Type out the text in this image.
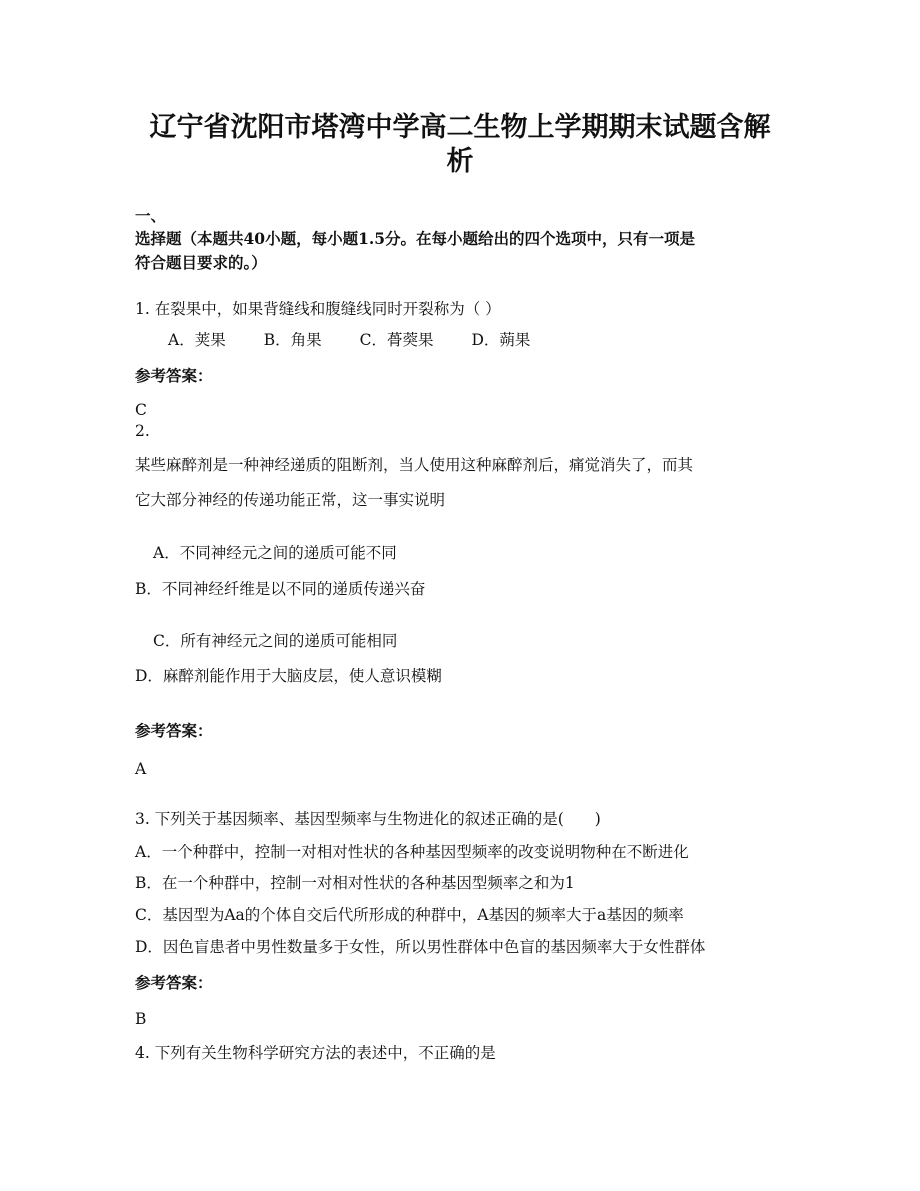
辽宁省沈阳市塔湾中学高二生物上学期期末试题含解
析
一、
选择题（本题共40小题，每小题1.5分。在每小题给出的四个选项中，只有一项是
符合题目要求的。）
1. 在裂果中，如果背缝线和腹缝线同时开裂称为（ ）
A．荚果 B．角果 C．蓇葖果 D．蒴果
参考答案：
C
2.
某些麻醉剂是一种神经递质的阻断剂，当人使用这种麻醉剂后，痛觉消失了，而其
它大部分神经的传递功能正常，这一事实说明
A．不同神经元之间的递质可能不同
B．不同神经纤维是以不同的递质传递兴奋
C．所有神经元之间的递质可能相同
D．麻醉剂能作用于大脑皮层，使人意识模糊
参考答案：
A
3. 下列关于基因频率、基因型频率与生物进化的叙述正确的是(　　)
A．一个种群中，控制一对相对性状的各种基因型频率的改变说明物种在不断进化
B．在一个种群中，控制一对相对性状的各种基因型频率之和为1
C．基因型为Aa的个体自交后代所形成的种群中，A基因的频率大于a基因的频率
D．因色盲患者中男性数量多于女性，所以男性群体中色盲的基因频率大于女性群体
参考答案：
B
4. 下列有关生物科学研究方法的表述中，不正确的是
